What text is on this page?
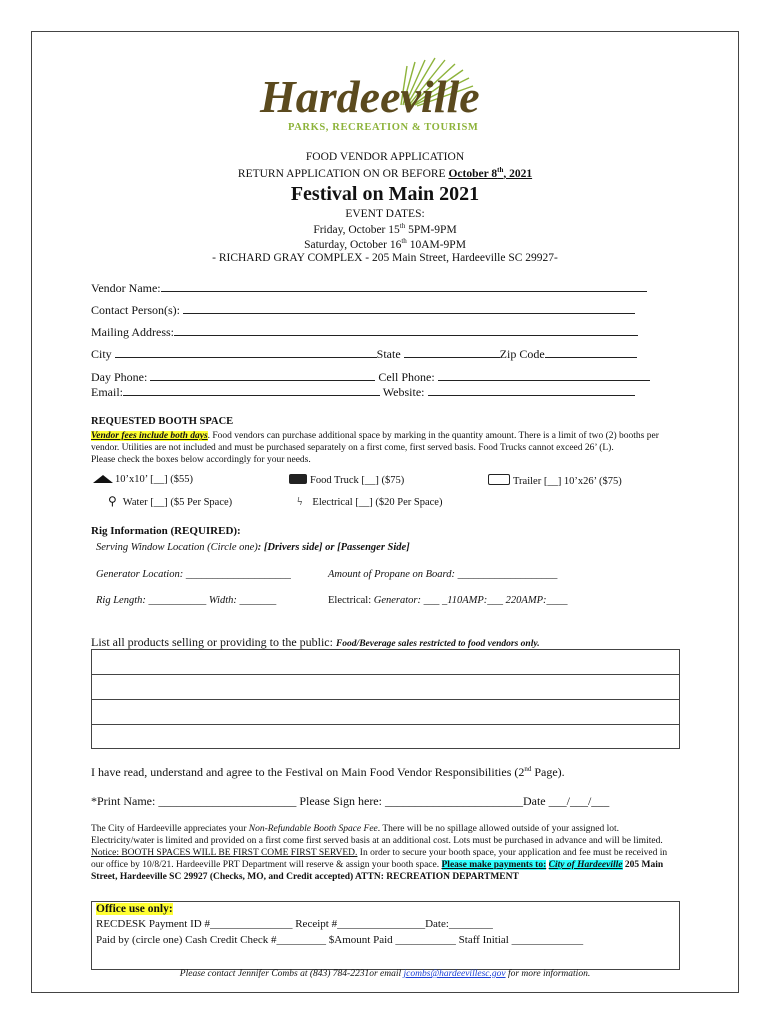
Hardeeville
PARKS, RECREATION & TOURISM
FOOD VENDOR APPLICATION
RETURN APPLICATION ON OR BEFORE October 8th, 2021
Festival on Main 2021
EVENT DATES:
Friday, October 15th 5PM-9PM
Saturday, October 16th 10AM-9PM
- RICHARD GRAY COMPLEX - 205 Main Street, Hardeeville SC 29927-
Vendor Name:
Contact Person(s):
Mailing Address:
City	State	Zip Code
Day Phone:	Cell Phone:
Email:	Website:
REQUESTED BOOTH SPACE
Vendor fees include both days. Food vendors can purchase additional space by marking in the quantity amount. There is a limit of two (2) booths per vendor. Utilities are not included and must be purchased separately on a first come, first served basis. Food Trucks cannot exceed 26’ (L).
Please check the boxes below accordingly for your needs.
10’x10’ [__] ($55)	Food Truck [__] ($75)	Trailer [__] 10’x26’ ($75)
⚲ Water [__] ($5 Per Space)	ϟ Electrical [__] ($20 Per Space)
Rig Information (REQUIRED):
Serving Window Location (Circle one): [Drivers side] or [Passenger Side]
Generator Location: ____________________	Amount of Propane on Board: ___________________
Rig Length: ___________ Width: _______	Electrical: Generator: ___ _110AMP:___ 220AMP:____
List all products selling or providing to the public: Food/Beverage sales restricted to food vendors only.
I have read, understand and agree to the Festival on Main Food Vendor Responsibilities (2nd Page).
*Print Name: _______________________ Please Sign here: _______________________Date ___/___/___
The City of Hardeeville appreciates your Non-Refundable Booth Space Fee. There will be no spillage allowed outside of your assigned lot. Electricity/water is limited and provided on a first come first served basis at an additional cost. Lots must be purchased in advance and will be limited. Notice: BOOTH SPACES WILL BE FIRST COME FIRST SERVED. In order to secure your booth space, your application and fee must be received in our office by 10/8/21. Hardeeville PRT Department will reserve & assign your booth space. Please make payments to: City of Hardeeville 205 Main Street, Hardeeville SC 29927 (Checks, MO, and Credit accepted) ATTN: RECREATION DEPARTMENT
Office use only:
RECDESK Payment ID #_______________ Receipt #________________Date:________
Paid by (circle one) Cash Credit Check #_________ $Amount Paid ___________ Staff Initial _____________
Please contact Jennifer Combs at (843) 784-2231or email jcombs@hardeevillesc.gov for more information.
